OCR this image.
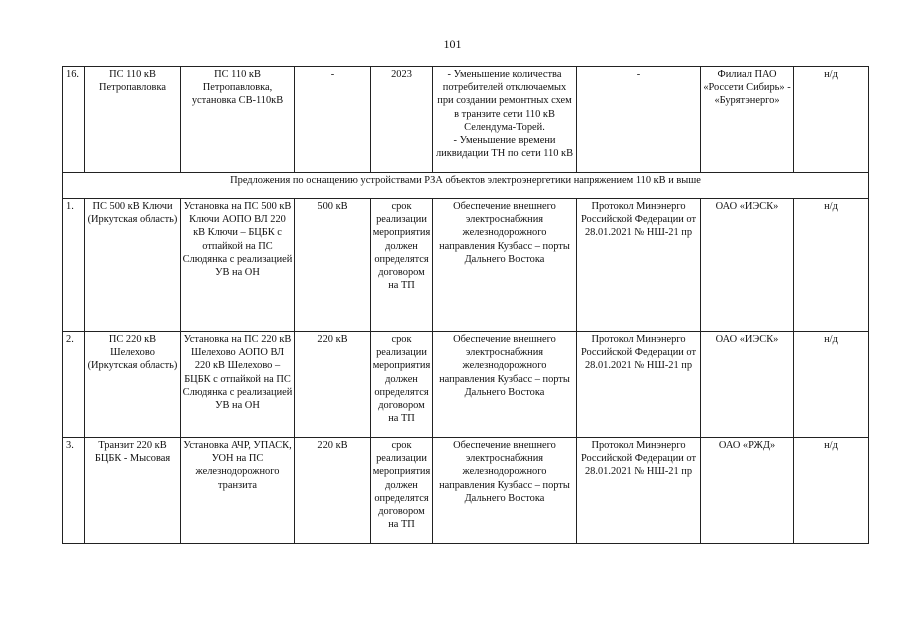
101
16.	ПС 110 кВ Петропавловка	ПС 110 кВ Петропавловка, установка СВ-110кВ	-	2023	- Уменьшение количества потребителей отключаемых при создании ремонтных схем в транзите сети 110 кВ Селендума-Торей.
- Уменьшение времени ликвидации ТН по сети 110 кВ	-	Филиал ПАО «Россети Сибирь» - «Бурятэнерго»	н/д
Предложения по оснащению устройствами РЗА объектов электроэнергетики напряжением 110 кВ и выше								
1.	ПС 500 кВ Ключи (Иркутская область)	Установка на ПС 500 кВ Ключи АОПО ВЛ 220 кВ Ключи – БЦБК с отпайкой на ПС Слюдянка с реализацией УВ на ОН	500 кВ	срок реализации мероприятия должен определятся договором на ТП	Обеспечение внешнего электроснабжния железнодорожного направления Кузбасс – порты Дальнего Востока	Протокол Минэнерго Российской Федерации от 28.01.2021 № НШ-21 пр	ОАО «ИЭСК»	н/д
2.	ПС 220 кВ Шелехово (Иркутская область)	Установка на ПС 220 кВ Шелехово АОПО ВЛ 220 кВ Шелехово – БЦБК с отпайкой на ПС Слюдянка с реализацией УВ на ОН	220 кВ	срок реализации мероприятия должен определятся договором на ТП	Обеспечение внешнего электроснабжния железнодорожного направления Кузбасс – порты Дальнего Востока	Протокол Минэнерго Российской Федерации от 28.01.2021 № НШ-21 пр	ОАО «ИЭСК»	н/д
3.	Транзит 220 кВ БЦБК - Мысовая	Установка АЧР, УПАСК, УОН на ПС железнодорожного транзита	220 кВ	срок реализации мероприятия должен определятся договором на ТП	Обеспечение внешнего электроснабжния железнодорожного направления Кузбасс – порты Дальнего Востока	Протокол Минэнерго Российской Федерации от 28.01.2021 № НШ-21 пр	ОАО «РЖД»	н/д
